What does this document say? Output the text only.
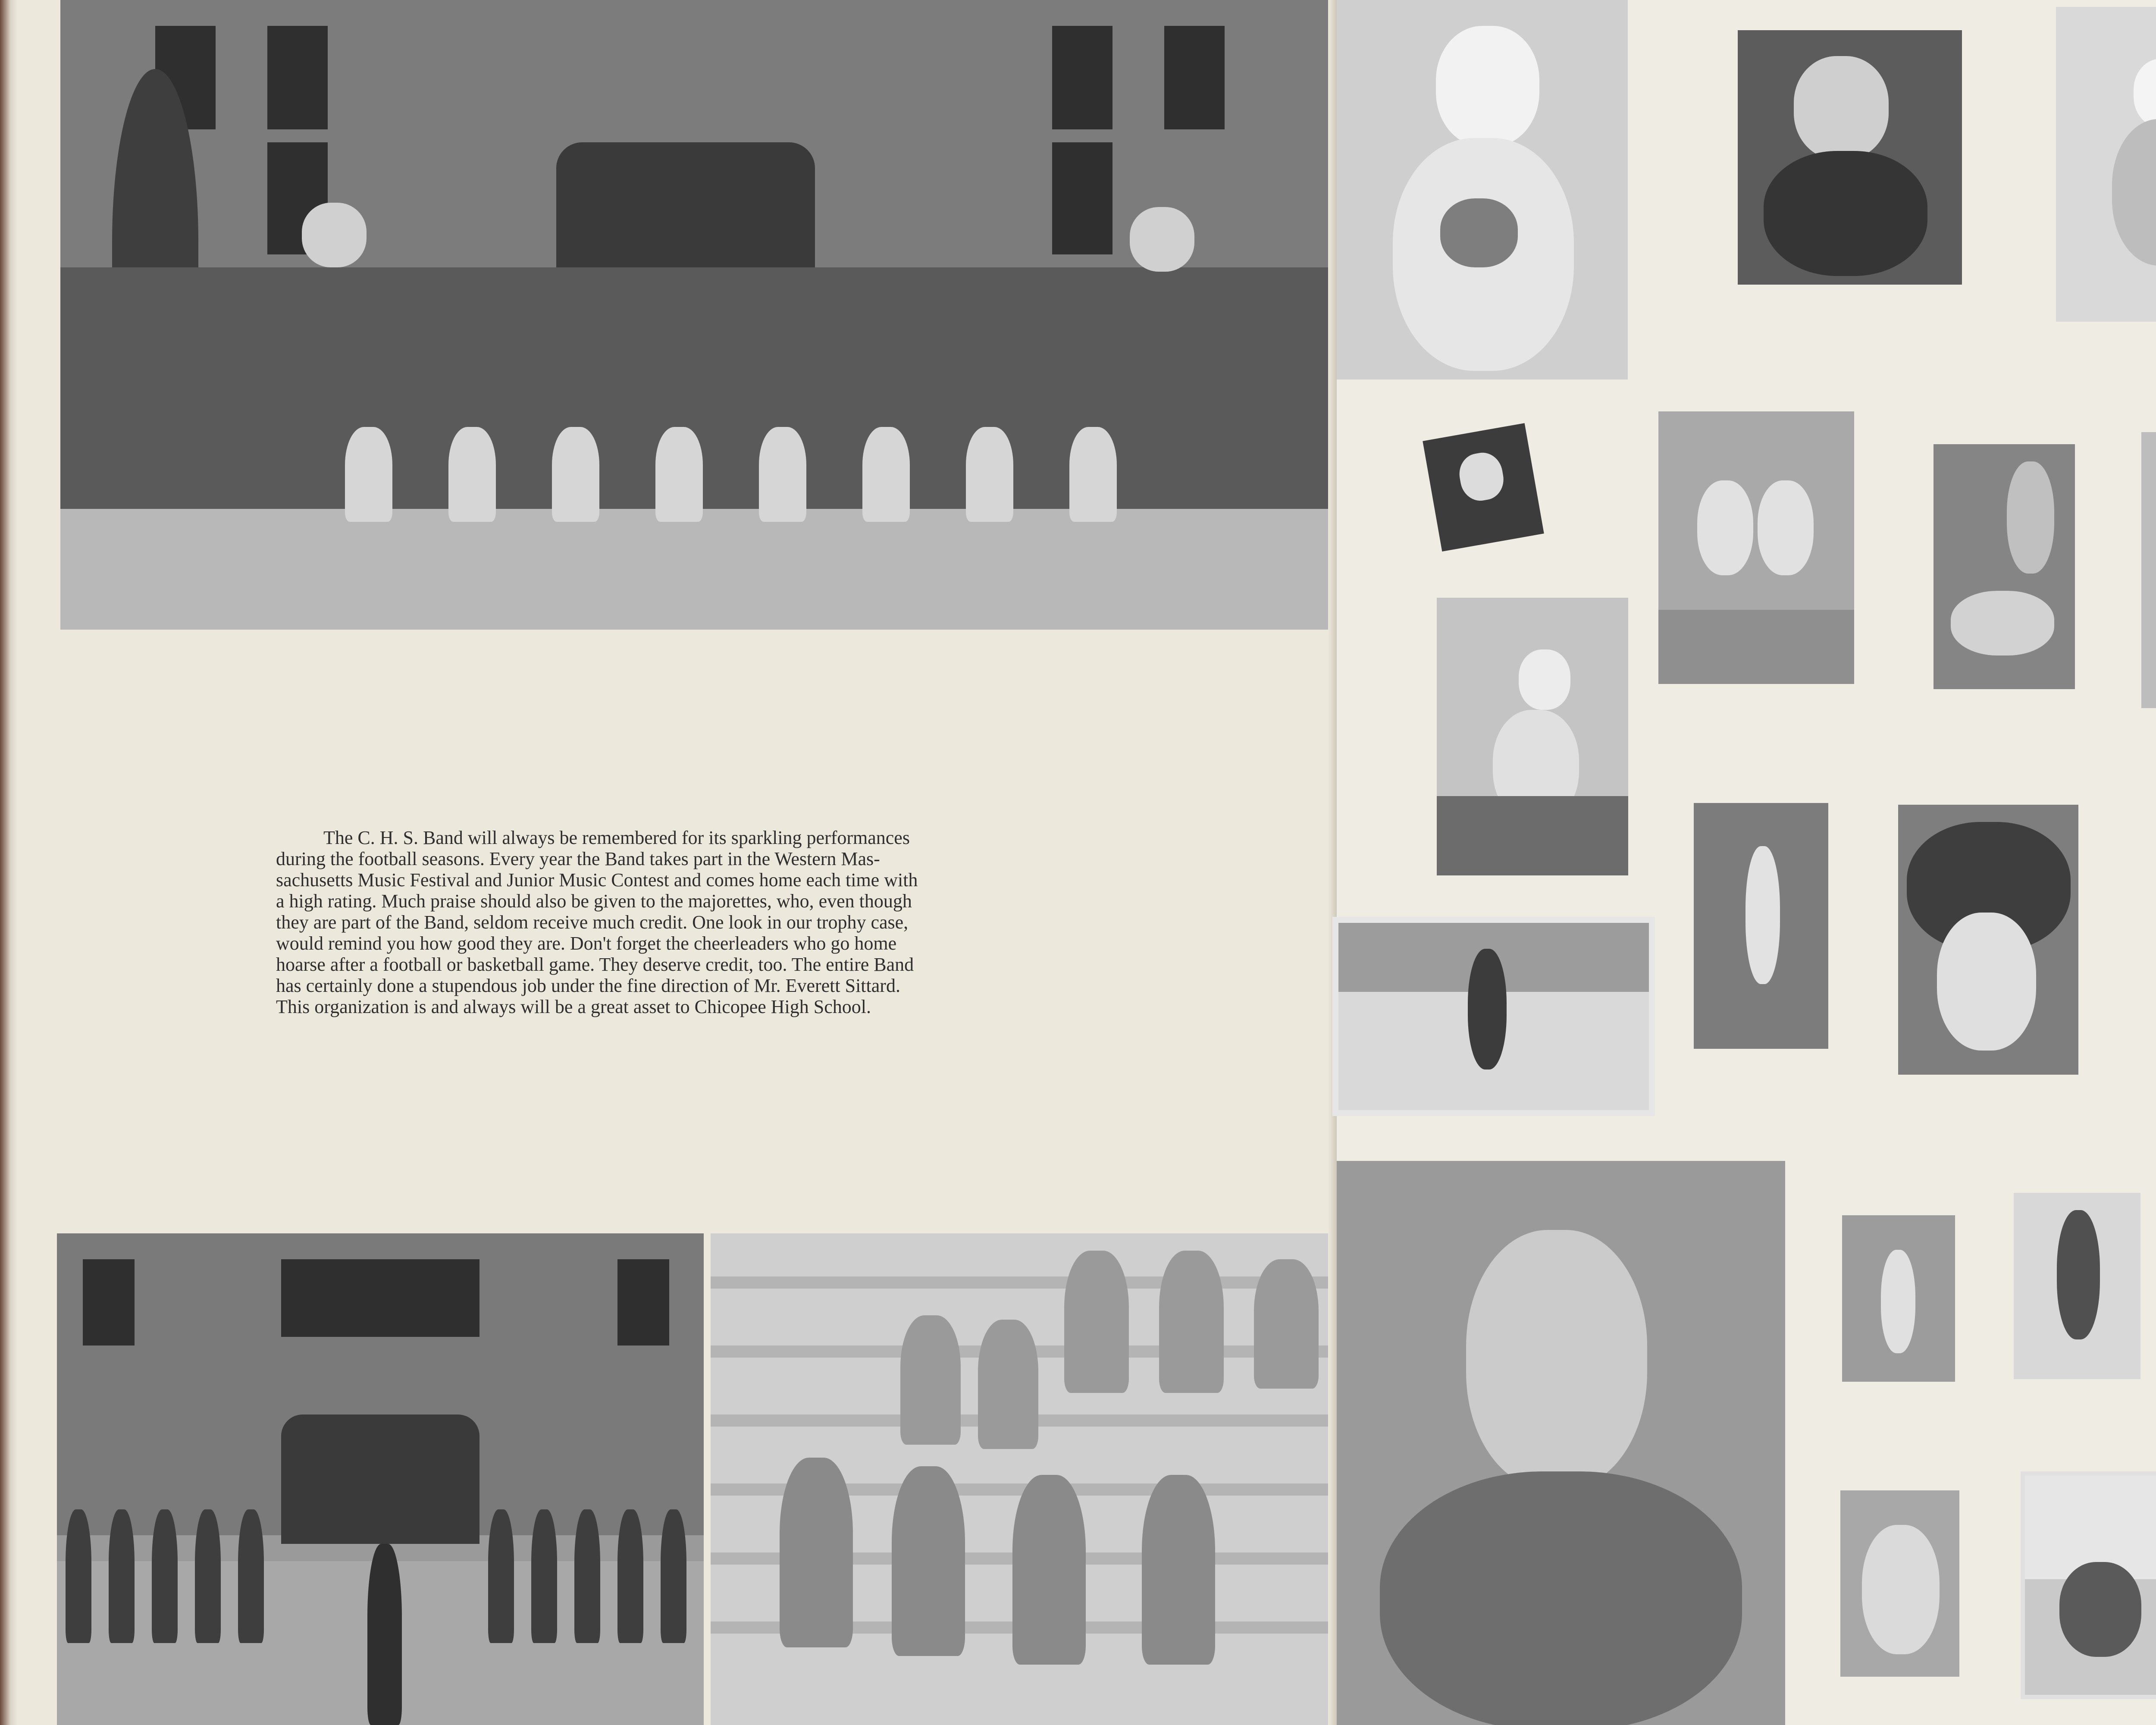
The C. H. S. Band will always be remembered for its sparkling performances
during the football seasons. Every year the Band takes part in the Western Mas-
sachusetts Music Festival and Junior Music Contest and comes home each time with
a high rating. Much praise should also be given to the majorettes, who, even though
they are part of the Band, seldom receive much credit. One look in our trophy case,
would remind you how good they are. Don't forget the cheerleaders who go home
hoarse after a football or basketball game. They deserve credit, too. The entire Band
has certainly done a stupendous job under the fine direction of Mr. Everett Sittard.
This organization is and always will be a great asset to Chicopee High School.
